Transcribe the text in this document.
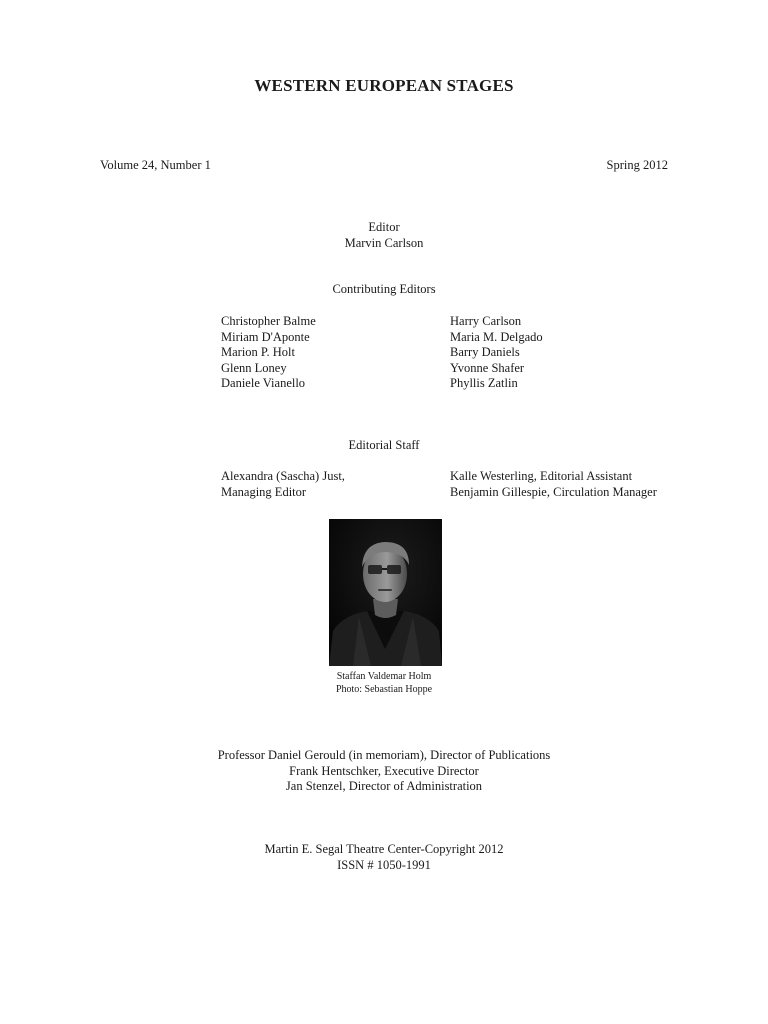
WESTERN EUROPEAN STAGES
Volume 24, Number 1	Spring 2012
Editor
Marvin Carlson
Contributing Editors
Christopher Balme
Miriam D'Aponte
Marion P. Holt
Glenn Loney
Daniele Vianello
Harry Carlson
Maria M. Delgado
Barry Daniels
Yvonne Shafer
Phyllis Zatlin
Editorial Staff
Alexandra (Sascha) Just,
Managing Editor
Kalle Westerling, Editorial Assistant
Benjamin Gillespie, Circulation Manager
Staffan Valdemar Holm
Photo: Sebastian Hoppe
Professor Daniel Gerould (in memoriam), Director of Publications
Frank Hentschker, Executive Director
Jan Stenzel, Director of Administration
Martin E. Segal Theatre Center-Copyright 2012
ISSN # 1050-1991
